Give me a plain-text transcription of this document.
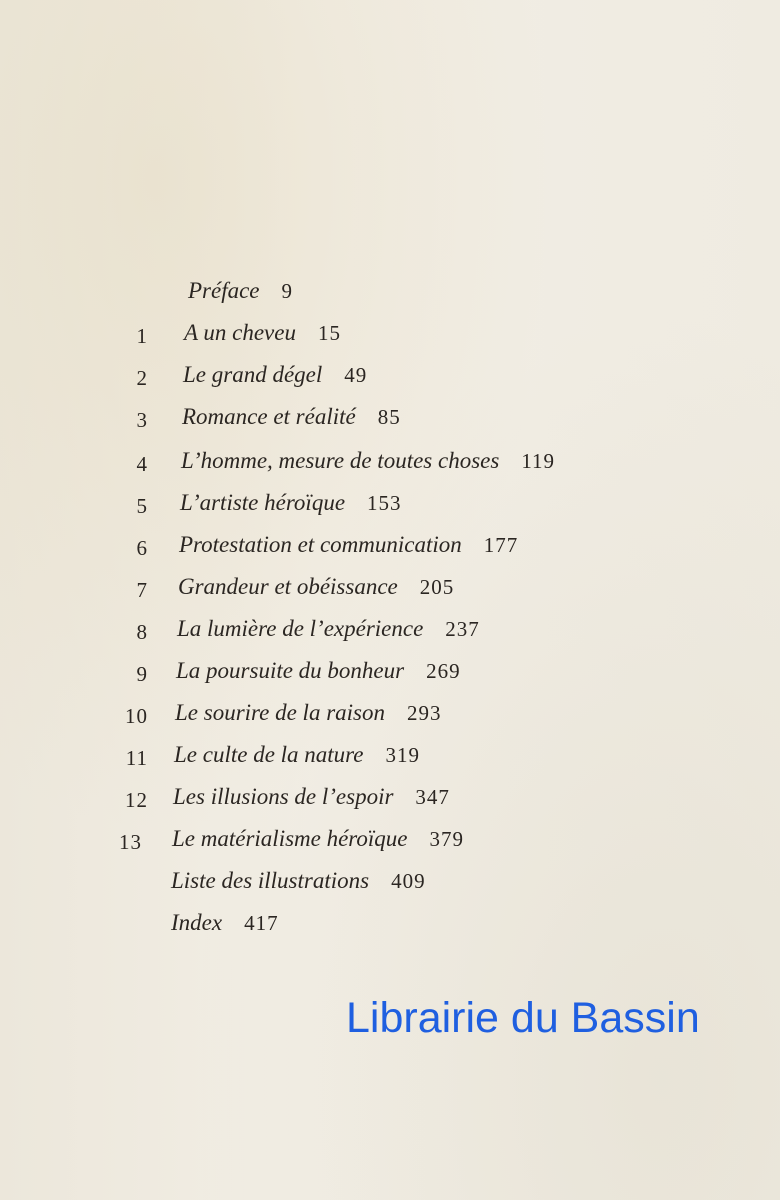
Préface 9
1 A un cheveu 15
2 Le grand dégel 49
3 Romance et réalité 85
4 L’homme, mesure de toutes choses 119
5 L’artiste héroïque 153
6 Protestation et communication 177
7 Grandeur et obéissance 205
8 La lumière de l’expérience 237
9 La poursuite du bonheur 269
10 Le sourire de la raison 293
11 Le culte de la nature 319
12 Les illusions de l’espoir 347
13 Le matérialisme héroïque 379
Liste des illustrations 409
Index 417
Librairie du Bassin
